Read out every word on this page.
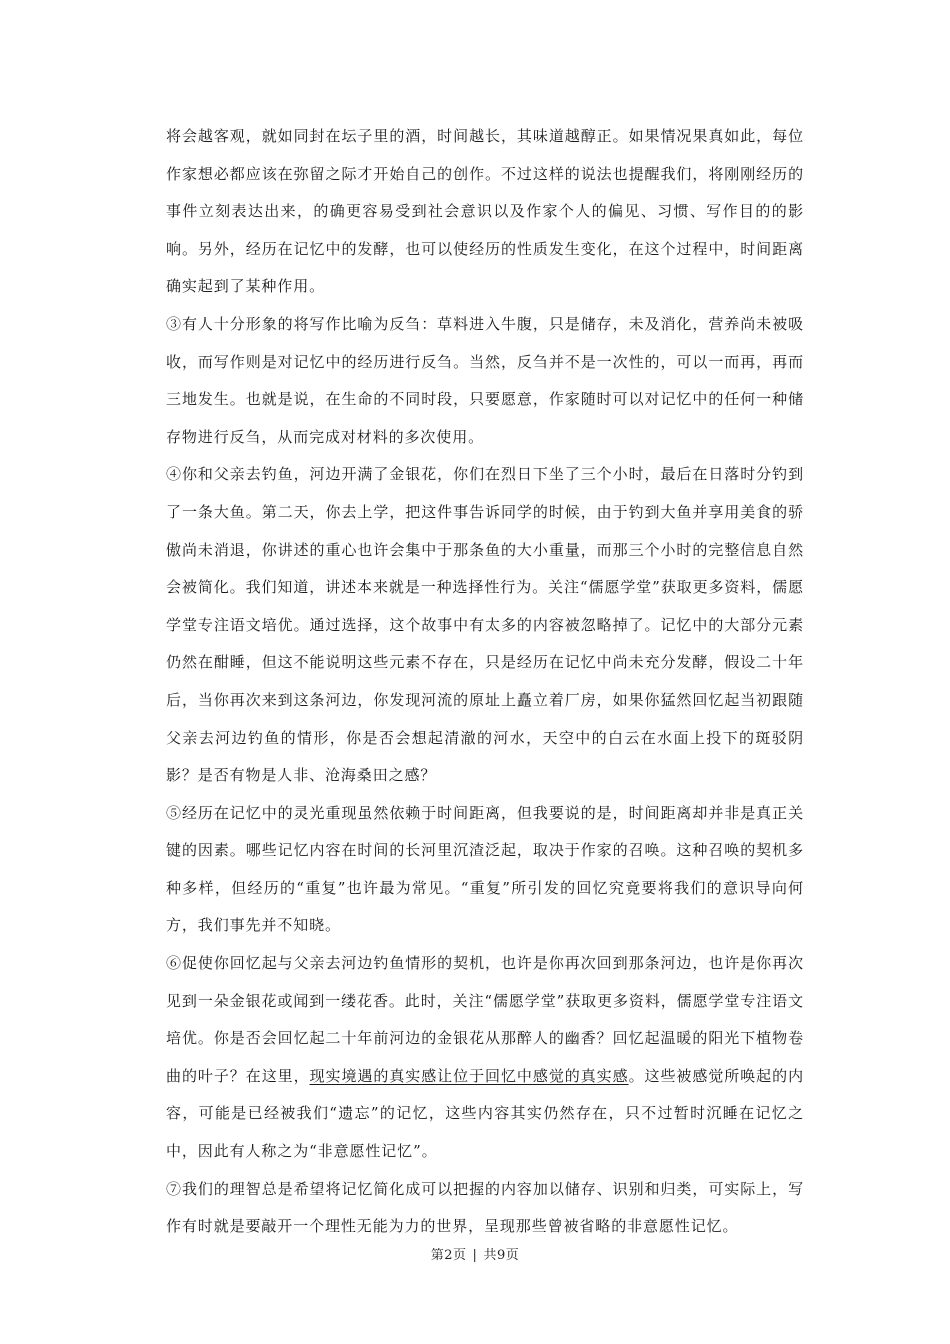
将会越客观，就如同封在坛子里的酒，时间越长，其味道越醇正。如果情况果真如此，每位作家想必都应该在弥留之际才开始自己的创作。不过这样的说法也提醒我们，将刚刚经历的事件立刻表达出来，的确更容易受到社会意识以及作家个人的偏见、习惯、写作目的的影响。另外，经历在记忆中的发酵，也可以使经历的性质发生变化，在这个过程中，时间距离确实起到了某种作用。

③有人十分形象的将写作比喻为反刍：草料进入牛腹，只是储存，未及消化，营养尚未被吸收，而写作则是对记忆中的经历进行反刍。当然，反刍并不是一次性的，可以一而再，再而三地发生。也就是说，在生命的不同时段，只要愿意，作家随时可以对记忆中的任何一种储存物进行反刍，从而完成对材料的多次使用。

④你和父亲去钓鱼，河边开满了金银花，你们在烈日下坐了三个小时，最后在日落时分钓到了一条大鱼。第二天，你去上学，把这件事告诉同学的时候，由于钓到大鱼并享用美食的骄傲尚未消退，你讲述的重心也许会集中于那条鱼的大小重量，而那三个小时的完整信息自然会被简化。我们知道，讲述本来就是一种选择性行为。关注“儒愿学堂”获取更多资料，儒愿学堂专注语文培优。通过选择，这个故事中有太多的内容被忽略掉了。记忆中的大部分元素仍然在酣睡，但这不能说明这些元素不存在，只是经历在记忆中尚未充分发酵，假设二十年后，当你再次来到这条河边，你发现河流的原址上矗立着厂房，如果你猛然回忆起当初跟随父亲去河边钓鱼的情形，你是否会想起清澈的河水，天空中的白云在水面上投下的斑驳阴影？是否有物是人非、沧海桑田之感？

⑤经历在记忆中的灵光重现虽然依赖于时间距离，但我要说的是，时间距离却并非是真正关键的因素。哪些记忆内容在时间的长河里沉渣泛起，取决于作家的召唤。这种召唤的契机多种多样，但经历的“重复”也许最为常见。“重复”所引发的回忆究竟要将我们的意识导向何方，我们事先并不知晓。

⑥促使你回忆起与父亲去河边钓鱼情形的契机，也许是你再次回到那条河边，也许是你再次见到一朵金银花或闻到一缕花香。此时，关注“儒愿学堂”获取更多资料，儒愿学堂专注语文培优。你是否会回忆起二十年前河边的金银花从那醉人的幽香？回忆起温暖的阳光下植物卷曲的叶子？在这里，现实境遇的真实感让位于回忆中感觉的真实感。这些被感觉所唤起的内容，可能是已经被我们“遗忘”的记忆，这些内容其实仍然存在，只不过暂时沉睡在记忆之中，因此有人称之为“非意愿性记忆”。

⑦我们的理智总是希望将记忆简化成可以把握的内容加以储存、识别和归类，可实际上，写作有时就是要敲开一个理性无能为力的世界，呈现那些曾被省略的非意愿性记忆。

第2页 | 共9页
